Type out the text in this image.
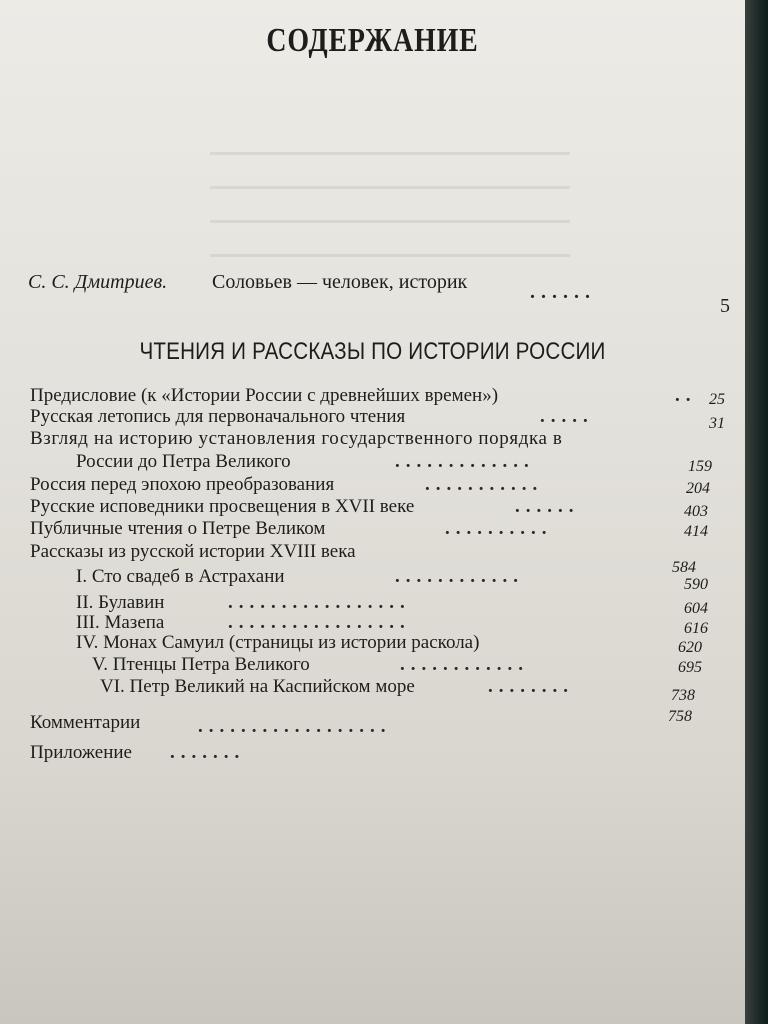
СОДЕРЖАНИЕ
С. С. Дмитриев. Соловьев — человек, историк	......
5
ЧТЕНИЯ И РАССКАЗЫ ПО ИСТОРИИ РОССИИ
Предисловие (к «Истории России с древнейших времен»)	.. 25
Русская летопись для первоначального чтения	.....	31
Взгляд на историю установления государственного порядка в
России до Петра Великого	.............	159
Россия перед эпохою преобразования	...........	204
Русские исповедники просвещения в XVII веке	......	403
Публичные чтения о Петре Великом	..........	414
Рассказы из русской истории XVIII века
584
I. Сто свадеб в Астрахани	............	590
II. Булавин	.................	604
III. Мазепа	.................	616
IV. Монах Самуил (страницы из истории раскола)	620
V. Птенцы Петра Великого	............	695
VI. Петр Великий на Каспийском море	........	738
Комментарии	..................	758
Приложение .......
